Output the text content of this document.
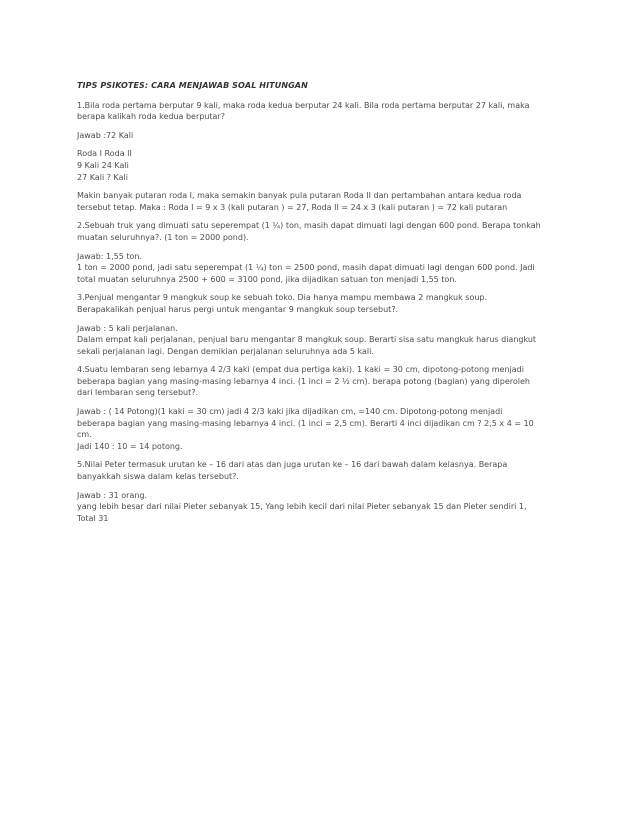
TIPS PSIKOTES: CARA MENJAWAB SOAL HITUNGAN
1.Bila roda pertama berputar 9 kali, maka roda kedua berputar 24 kali. Bila roda pertama berputar 27 kali, maka
berapa kalikah roda kedua berputar?
Jawab :72 Kali
Roda I Roda II
9 Kali 24 Kali
27 Kali ? Kali
Makin banyak putaran roda I, maka semakin banyak pula putaran Roda II dan pertambahan antara kedua roda
tersebut tetap. Maka : Roda I = 9 x 3 (kali putaran ) = 27, Roda II = 24 x 3 (kali putaran ) = 72 kali putaran
2.Sebuah truk yang dimuati satu seperempat (1 ¼) ton, masih dapat dimuati lagi dengan 600 pond. Berapa tonkah
muatan seluruhnya?. (1 ton = 2000 pond).
Jawab: 1,55 ton.
1 ton = 2000 pond, jadi satu seperempat (1 ¼) ton = 2500 pond, masih dapat dimuati lagi dengan 600 pond. Jadi
total muatan seluruhnya 2500 + 600 = 3100 pond, jika dijadikan satuan ton menjadi 1,55 ton.
3.Penjual mengantar 9 mangkuk soup ke sebuah toko. Dia hanya mampu membawa 2 mangkuk soup.
Berapakalikah penjual harus pergi untuk mengantar 9 mangkuk soup tersebut?.
Jawab : 5 kali perjalanan.
Dalam empat kali perjalanan, penjual baru mengantar 8 mangkuk soup. Berarti sisa satu mangkuk harus diangkut
sekali perjalanan lagi. Dengan demikian perjalanan seluruhnya ada 5 kali.
4.Suatu lembaran seng lebarnya 4 2/3 kaki (empat dua pertiga kaki). 1 kaki = 30 cm, dipotong-potong menjadi
beberapa bagian yang masing-masing lebarnya 4 inci. (1 inci = 2 ½ cm). berapa potong (bagian) yang diperoleh
dari lembaran seng tersebut?.
Jawab : ( 14 Potong)(1 kaki = 30 cm) jadi 4 2/3 kaki jika dijadikan cm, =140 cm. Dipotong-potong menjadi
beberapa bagian yang masing-masing lebarnya 4 inci. (1 inci = 2,5 cm). Berarti 4 inci dijadikan cm ? 2,5 x 4 = 10
cm.
Jadi 140 : 10 = 14 potong.
5.Nilai Peter termasuk urutan ke – 16 dari atas dan juga urutan ke – 16 dari bawah dalam kelasnya. Berapa
banyakkah siswa dalam kelas tersebut?.
Jawab : 31 orang.
yang lebih besar dari nilai Pieter sebanyak 15, Yang lebih kecil dari nilai Pieter sebanyak 15 dan Pieter sendiri 1,
Total 31
